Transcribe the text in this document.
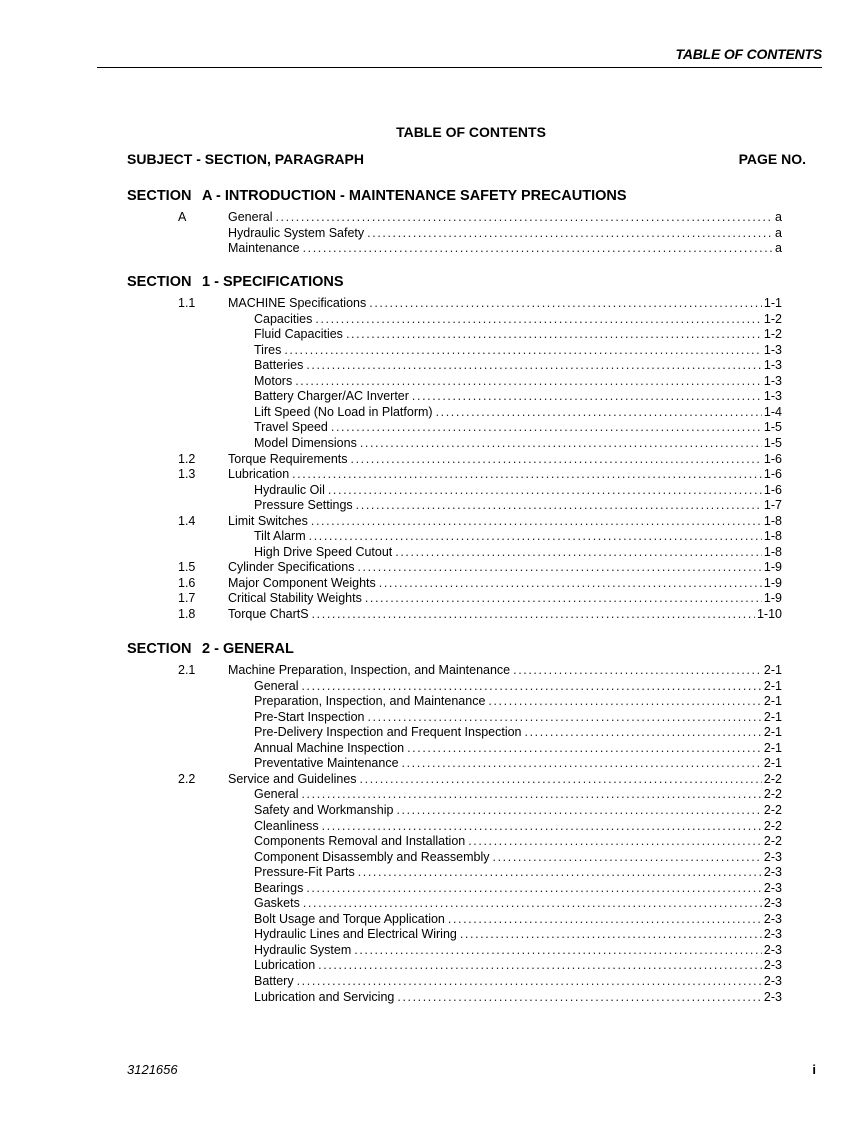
TABLE OF CONTENTS
TABLE OF CONTENTS
SUBJECT - SECTION, PARAGRAPH	PAGE NO.
SECTION A - INTRODUCTION - MAINTENANCE SAFETY PRECAUTIONS
A	General .....	a
Hydraulic System Safety .....	a
Maintenance .....	a
SECTION 1 - SPECIFICATIONS
1.1	MACHINE Specifications .....	1-1
Capacities .....	1-2
Fluid Capacities .....	1-2
Tires .....	1-3
Batteries .....	1-3
Motors .....	1-3
Battery Charger/AC Inverter .....	1-3
Lift Speed (No Load in Platform) .....	1-4
Travel Speed .....	1-5
Model Dimensions .....	1-5
1.2	Torque Requirements .....	1-6
1.3	Lubrication .....	1-6
Hydraulic Oil .....	1-6
Pressure Settings .....	1-7
1.4	Limit Switches .....	1-8
Tilt Alarm .....	1-8
High Drive Speed Cutout .....	1-8
1.5	Cylinder Specifications .....	1-9
1.6	Major Component Weights .....	1-9
1.7	Critical Stability Weights .....	1-9
1.8	Torque ChartS .....	1-10
SECTION 2 - GENERAL
2.1	Machine Preparation, Inspection, and Maintenance .....	2-1
General .....	2-1
Preparation, Inspection, and Maintenance .....	2-1
Pre-Start Inspection .....	2-1
Pre-Delivery Inspection and Frequent Inspection .....	2-1
Annual Machine Inspection .....	2-1
Preventative Maintenance .....	2-1
2.2	Service and Guidelines .....	2-2
General .....	2-2
Safety and Workmanship .....	2-2
Cleanliness .....	2-2
Components Removal and Installation .....	2-2
Component Disassembly and Reassembly .....	2-3
Pressure-Fit Parts .....	2-3
Bearings .....	2-3
Gaskets .....	2-3
Bolt Usage and Torque Application .....	2-3
Hydraulic Lines and Electrical Wiring .....	2-3
Hydraulic System .....	2-3
Lubrication .....	2-3
Battery .....	2-3
Lubrication and Servicing .....	2-3
3121656	i
